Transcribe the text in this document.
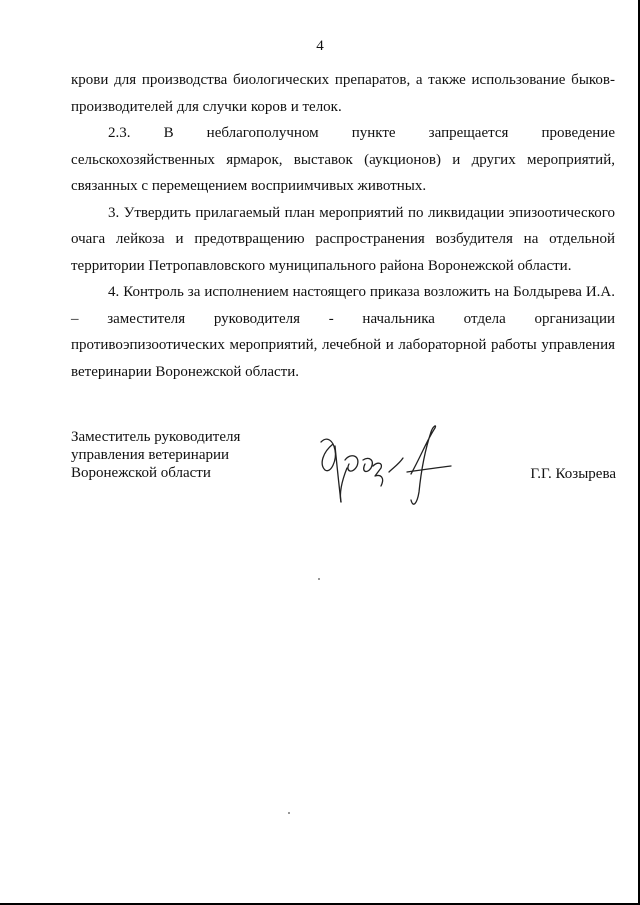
4

крови для производства биологических препаратов, а также использование быков-производителей для случки коров и телок.

2.3. В неблагополучном пункте запрещается проведение сельскохозяйственных ярмарок, выставок (аукционов) и других мероприятий, связанных с перемещением восприимчивых животных.

3. Утвердить прилагаемый план мероприятий по ликвидации эпизоотического очага лейкоза и предотвращению распространения возбудителя на отдельной территории Петропавловского муниципального района Воронежской области.

4. Контроль за исполнением настоящего приказа возложить на Болдырева И.А. – заместителя руководителя - начальника отдела организации противоэпизоотических мероприятий, лечебной и лабораторной работы управления ветеринарии Воронежской области.

Заместитель руководителя
управления ветеринарии
Воронежской области	Г.Г. Козырева
